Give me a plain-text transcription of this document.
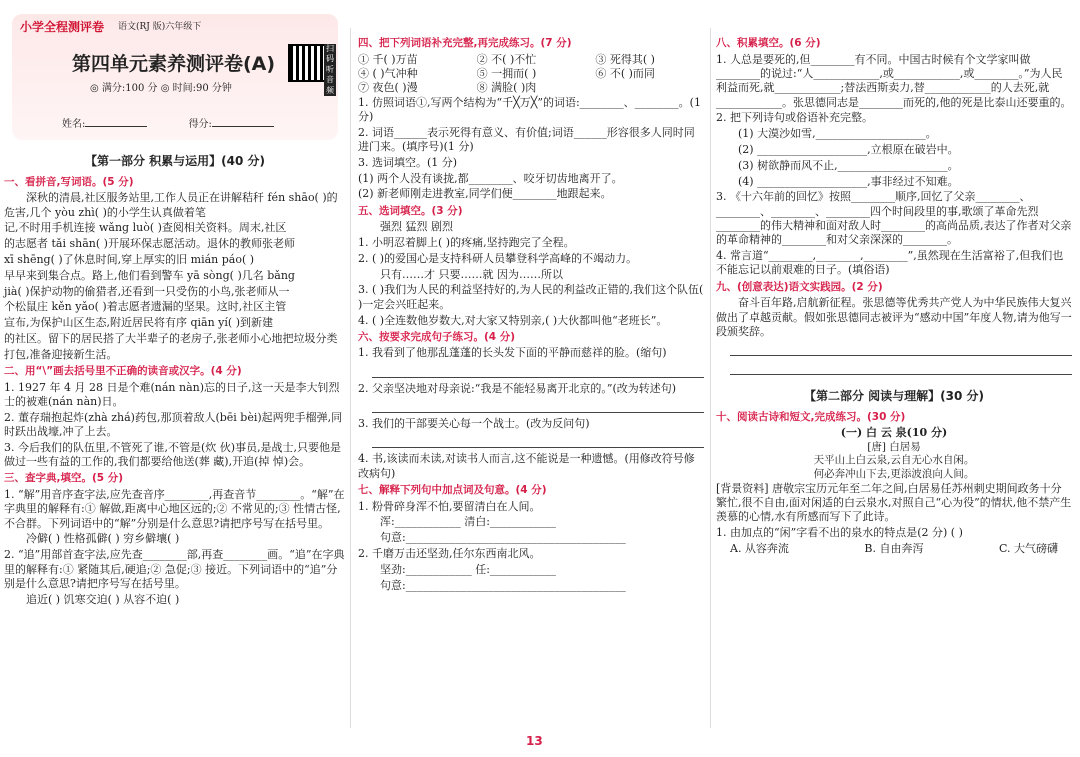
小学全程测评卷 语文(RJ 版)六年级下
第四单元素养测评卷(A)
◎ 满分:100 分 ◎ 时间:90 分钟
扫码听音频
姓名:	得分:
【第一部分 积累与运用】(40 分)
一、看拼音,写词语。(5 分)

深秋的清晨,社区服务站里,工作人员正在讲解秸秆 fén shāo( )的危害,几个 yòu zhì( )的小学生认真做着笔

记,不时用手机连接 wǎng luò( )查阅相关资料。周末,社区

的志愿者 tǎi shān( )开展环保志愿活动。退休的教师张老师

xī shēng( )了休息时间,穿上厚实的旧 mián páo( )

早早来到集合点。路上,他们看到警车 yā sòng( )几名 bǎng

jià( )保护动物的偷猎者,还看到一只受伤的小鸟,张老师从一

个松鼠庄 kěn yǎo( )着志愿者遗漏的坚果。这时,社区主管

宣布,为保护山区生态,附近居民将有序 qiān yí( )到新建

的社区。留下的居民搭了大半辈子的老房子,张老师小心地把垃圾分类

打包,准备迎接新生活。

二、用“\”画去括号里不正确的读音或汉字。(4 分)

1. 1927 年 4 月 28 日是个难(nán nàn)忘的日子,这一天是李大钊烈士的被难(nán nàn)日。

2. 董存瑞抱起炸(zhà zhá)药包,那顶着敌人(bēi bèi)起两兜手榴弹,同时跃出战壕,冲了上去。

3. 今后我们的队伍里,不管死了谁,不管是(炊 伙)事员,是战士,只要他是做过一些有益的工作的,我们都要给他送(葬 藏),开追(掉 悼)会。

三、查字典,填空。(5 分)

1. “解”用音序查字法,应先查音序________,再查音节________。“解”在字典里的解释有:① 解做,距离中心地区远的;② 不常见的;③ 性情古怪,不合群。下列词语中的“解”分别是什么意思?请把序号写在括号里。

冷僻( ) 性格孤僻( ) 穷乡僻壤( )

2. “追”用部首查字法,应先查________部,再查________画。“追”在字典里的解释有:① 紧随其后,硬追;② 急促;③ 接近。下列词语中的“追”分别是什么意思?请把序号写在括号里。

追近( ) 饥寒交迫( ) 从容不迫( )

四、把下列词语补充完整,再完成练习。(7 分)
① 千( )万苗	② 不( )不忙	③ 死得其( )
④ ( )气冲种	⑤ 一拥而( )	⑥ 不( )而同
⑦ 夜色( )漫	⑧ 满脸( )肉

1. 仿照词语①,写两个结构为“千╳万╳”的词语:________、________。(1 分)

2. 词语______表示死得有意义、有价值;词语______形容很多人同时同进门来。(填序号)(1 分)

3. 选词填空。(1 分)

(1) 两个人没有谈拢,都________、咬牙切齿地离开了。

(2) 新老师刚走进教室,同学们便________地跟起来。

五、选词填空。(3 分)

强烈 猛烈 剧烈

1. 小明忍着脚上( )的疼痛,坚持跑完了全程。

2. ( )的爱国心是支持科研人员攀登科学高峰的不竭动力。

只有……才 只要……就 因为……所以

3. ( )我们为人民的利益坚持好的,为人民的利益改正错的,我们这个队伍( )一定会兴旺起来。

4. ( )全连数他岁数大,对大家又特别亲,( )大伙都叫他“老班长”。

六、按要求完成句子练习。(4 分)

1. 我看到了他那乱蓬蓬的长头发下面的平静而慈祥的脸。(缩句)

2. 父亲坚决地对母亲说:“我是不能轻易离开北京的。”(改为转述句)

3. 我们的干部要关心每一个战士。(改为反问句)

4. 书,该读而未读,对读书人而言,这不能说是一种遗憾。(用修改符号修改病句)

七、解释下列句中加点词及句意。(4 分)

1. 粉骨碎身浑不怕,要留清白在人间。

浑:____________ 清白:____________

句意:________________________________________

2. 千磨万击还坚劲,任尔东西南北风。

坚劲:____________ 任:____________

句意:________________________________________

八、积累填空。(6 分)

1. 人总是要死的,但________有不同。中国古时候有个文学家叫做________的说过:“人____________,或____________,或________。”为人民利益而死,就____________;替法西斯卖力,替____________的人去死,就____________。张思德同志是________而死的,他的死是比泰山还要重的。

2. 把下列诗句或俗语补充完整。

(1) 大漠沙如雪,____________________。

(2) ____________________,立根原在破岩中。

(3) 树欲静而风不止,____________________。

(4) ____________________,事非经过不知难。

3. 《十六年前的回忆》按照________顺序,回忆了父亲________、________、________、________四个时间段里的事,歌颂了革命先烈________的伟大精神和面对敌人时________的高尚品质,表达了作者对父亲的革命精神的________和对父亲深深的________。

4. 常言道“________,________,________”,虽然现在生活富裕了,但我们也不能忘记以前艰难的日子。(填俗语)

九、(创意表达)语文实践园。(2 分)

奋斗百年路,启航新征程。张思德等优秀共产党人为中华民族伟大复兴做出了卓越贡献。假如张思德同志被评为“感动中国”年度人物,请为他写一段颁奖辞。

【第二部分 阅读与理解】(30 分)
十、阅读古诗和短文,完成练习。(30 分)
(一) 白 云 泉(10 分)
[唐] 白居易
天平山上白云泉,云自无心水自闲。
何必奔冲山下去,更添波浪向人间。

[背景资料] 唐敬宗宝历元年至二年之间,白居易任苏州刺史期间政务十分繁忙,很不自由,面对闲适的白云泉水,对照自己“心为役”的情状,他不禁产生羡慕的心情,水有所感而写下了此诗。

1. 由加点的“闲”字看不出的泉水的特点是(2 分) ( )

A. 从容奔流	B. 自由奔泻	C. 大气磅礴
13
